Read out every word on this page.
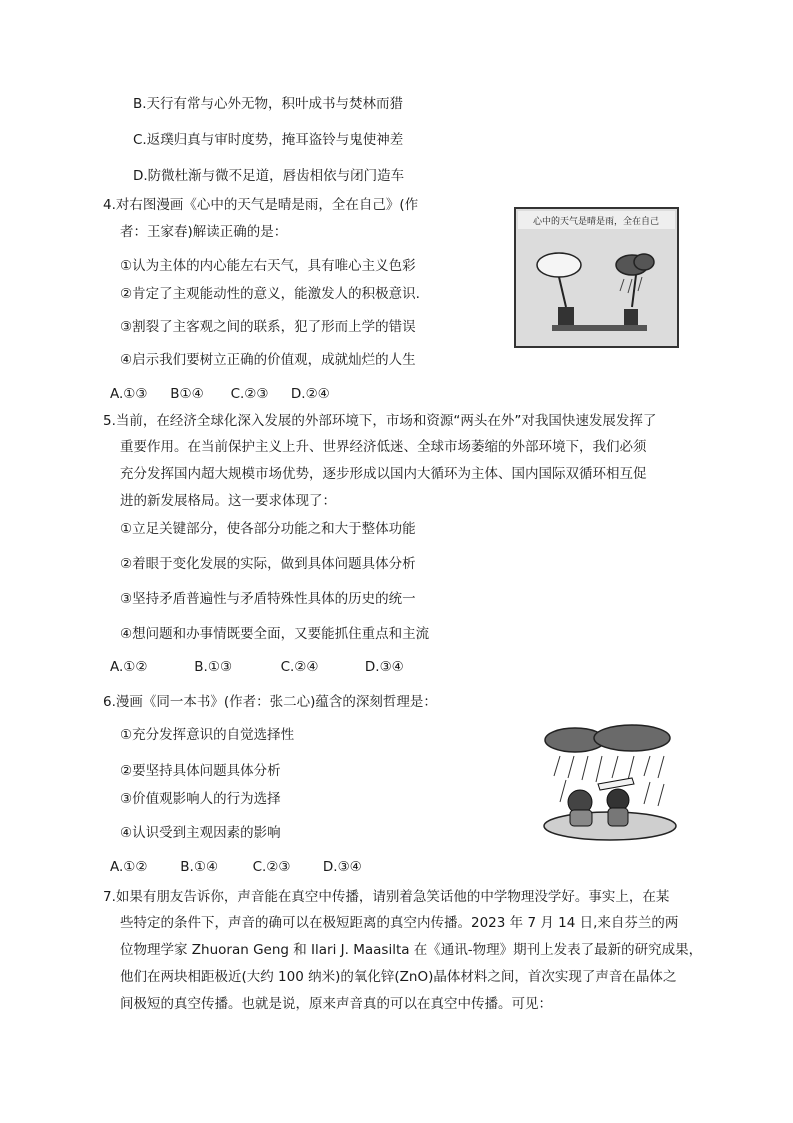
B.天行有常与心外无物，积叶成书与焚林而猎
C.返璞归真与审时度势，掩耳盗铃与鬼使神差
D.防微杜渐与微不足道，唇齿相依与闭门造车
4.对右图漫画《心中的天气是晴是雨，全在自己》(作
者：王家春)解读正确的是：
①认为主体的内心能左右天气，具有唯心主义色彩
②肯定了主观能动性的意义，能激发人的积极意识.
③割裂了主客观之间的联系，犯了形而上学的错误
④启示我们要树立正确的价值观，成就灿烂的人生
A.①③ B①④ C.②③ D.②④
心中的天气是晴是雨，全在自己
5.当前，在经济全球化深入发展的外部环境下，市场和资源“两头在外”对我国快速发展发挥了
重要作用。在当前保护主义上升、世界经济低迷、全球市场萎缩的外部环境下，我们必须
充分发挥国内超大规模市场优势，逐步形成以国内大循环为主体、国内国际双循环相互促
进的新发展格局。这一要求体现了：
①立足关键部分，使各部分功能之和大于整体功能
②着眼于变化发展的实际，做到具体问题具体分析
③坚持矛盾普遍性与矛盾特殊性具体的历史的统一
④想问题和办事情既要全面，又要能抓住重点和主流
A.①②	B.①③	C.②④	D.③④
6.漫画《同一本书》(作者：张二心)蕴含的深刻哲理是：
①充分发挥意识的自觉选择性
②要坚持具体问题具体分析
③价值观影响人的行为选择
④认识受到主观因素的影响
A.①② B.①④	C.②③ D.③④
7.如果有朋友告诉你，声音能在真空中传播，请别着急笑话他的中学物理没学好。事实上，在某
些特定的条件下，声音的确可以在极短距离的真空内传播。2023 年 7 月 14 日,来自芬兰的两
位物理学家 Zhuoran Geng 和 Ilari J. Maasilta 在《通讯-物理》期刊上发表了最新的研究成果，
他们在两块相距极近(大约 100 纳米)的氧化锌(ZnO)晶体材料之间，首次实现了声音在晶体之
间极短的真空传播。也就是说，原来声音真的可以在真空中传播。可见：
